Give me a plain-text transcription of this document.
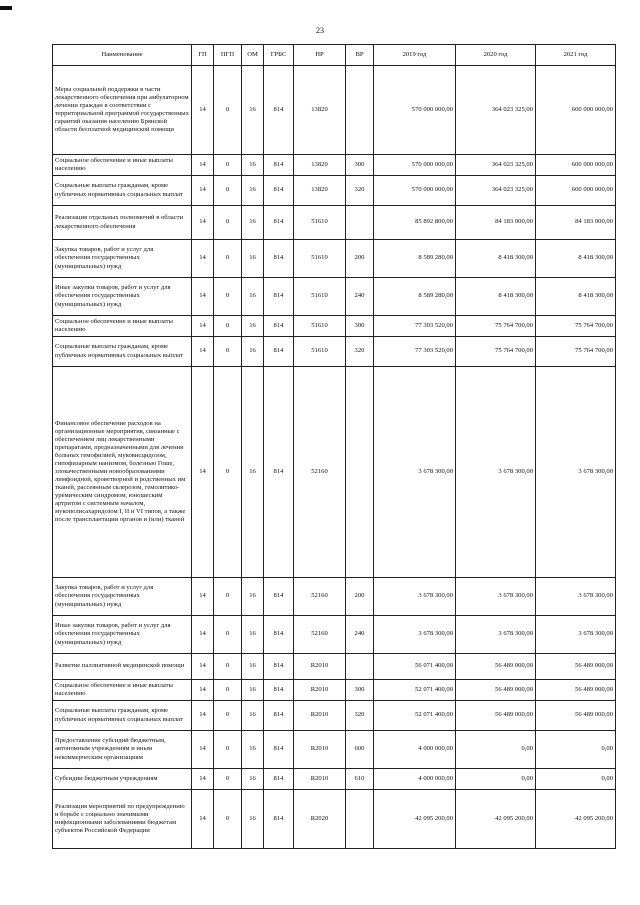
23
Наименование	ГП	ПГП	ОМ	ГРБС	НР	ВР	2019 год	2020 год	2021 год
Меры социальной поддержки в части лекарственного обеспечения при амбулаторном лечении граждан в соответствии с территориальной программой государственных гарантий оказания населению Брянской области бесплатной медицинской помощи	14	0	16	814	13820		570 000 000,00	364 023 325,00	600 000 000,00
Социальное обеспечение и иные выплаты населению	14	0	16	814	13820	300	570 000 000,00	364 023 325,00	600 000 000,00
Социальные выплаты гражданам, кроме публичных нормативных социальных выплат	14	0	16	814	13820	320	570 000 000,00	364 023 325,00	600 000 000,00
Реализация отдельных полномочий в области лекарственного обеспечения	14	0	16	814	51610		85 892 800,00	84 183 000,00	84 183 000,00
Закупка товаров, работ и услуг для обеспечения государственных (муниципальных) нужд	14	0	16	814	51610	200	8 589 280,00	8 418 300,00	8 418 300,00
Иные закупки товаров, работ и услуг для обеспечения государственных (муниципальных) нужд	14	0	16	814	51610	240	8 589 280,00	8 418 300,00	8 418 300,00
Социальное обеспечение и иные выплаты населению	14	0	16	814	51610	300	77 303 520,00	75 764 700,00	75 764 700,00
Социальные выплаты гражданам, кроме публичных нормативных социальных выплат	14	0	16	814	51610	320	77 303 520,00	75 764 700,00	75 764 700,00
Финансовое обеспечение расходов на организационные мероприятия, связанные с обеспечением лиц лекарственными препаратами, предназначенными для лечения больных гемофилией, муковисцидозом, гипофизарным нанизмом, болезнью Гоше, злокачественными новообразованиями лимфоидной, кроветворной и родственных им тканей, рассеянным склерозом, гемолитико-уремическим синдромом, юношеским артритом с системным началом, мукополисахаридозом I, II и VI типов, а также после трансплантации органов и (или) тканей	14	0	16	814	52160		3 678 300,00	3 678 300,00	3 678 300,00
Закупка товаров, работ и услуг для обеспечения государственных (муниципальных) нужд	14	0	16	814	52160	200	3 678 300,00	3 678 300,00	3 678 300,00
Иные закупки товаров, работ и услуг для обеспечения государственных (муниципальных) нужд	14	0	16	814	52160	240	3 678 300,00	3 678 300,00	3 678 300,00
Развитие паллиативной медицинской помощи	14	0	16	814	R2010		56 071 400,00	56 489 000,00	56 489 000,00
Социальное обеспечение и иные выплаты населению	14	0	16	814	R2010	300	52 071 400,00	56 489 000,00	56 489 000,00
Социальные выплаты гражданам, кроме публичных нормативных социальных выплат	14	0	16	814	R2010	320	52 071 400,00	56 489 000,00	56 489 000,00
Предоставление субсидий бюджетным, автономным учреждениям и иным некоммерческим организациям	14	0	16	814	R2010	600	4 000 000,00	0,00	0,00
Субсидии бюджетным учреждениям	14	0	16	814	R2010	610	4 000 000,00	0,00	0,00
Реализация мероприятий по предупреждению и борьбе с социально значимыми инфекционными заболеваниями бюджетам субъектов Российской Федерации	14	0	16	814	R2020		42 095 200,00	42 095 200,00	42 095 200,00
